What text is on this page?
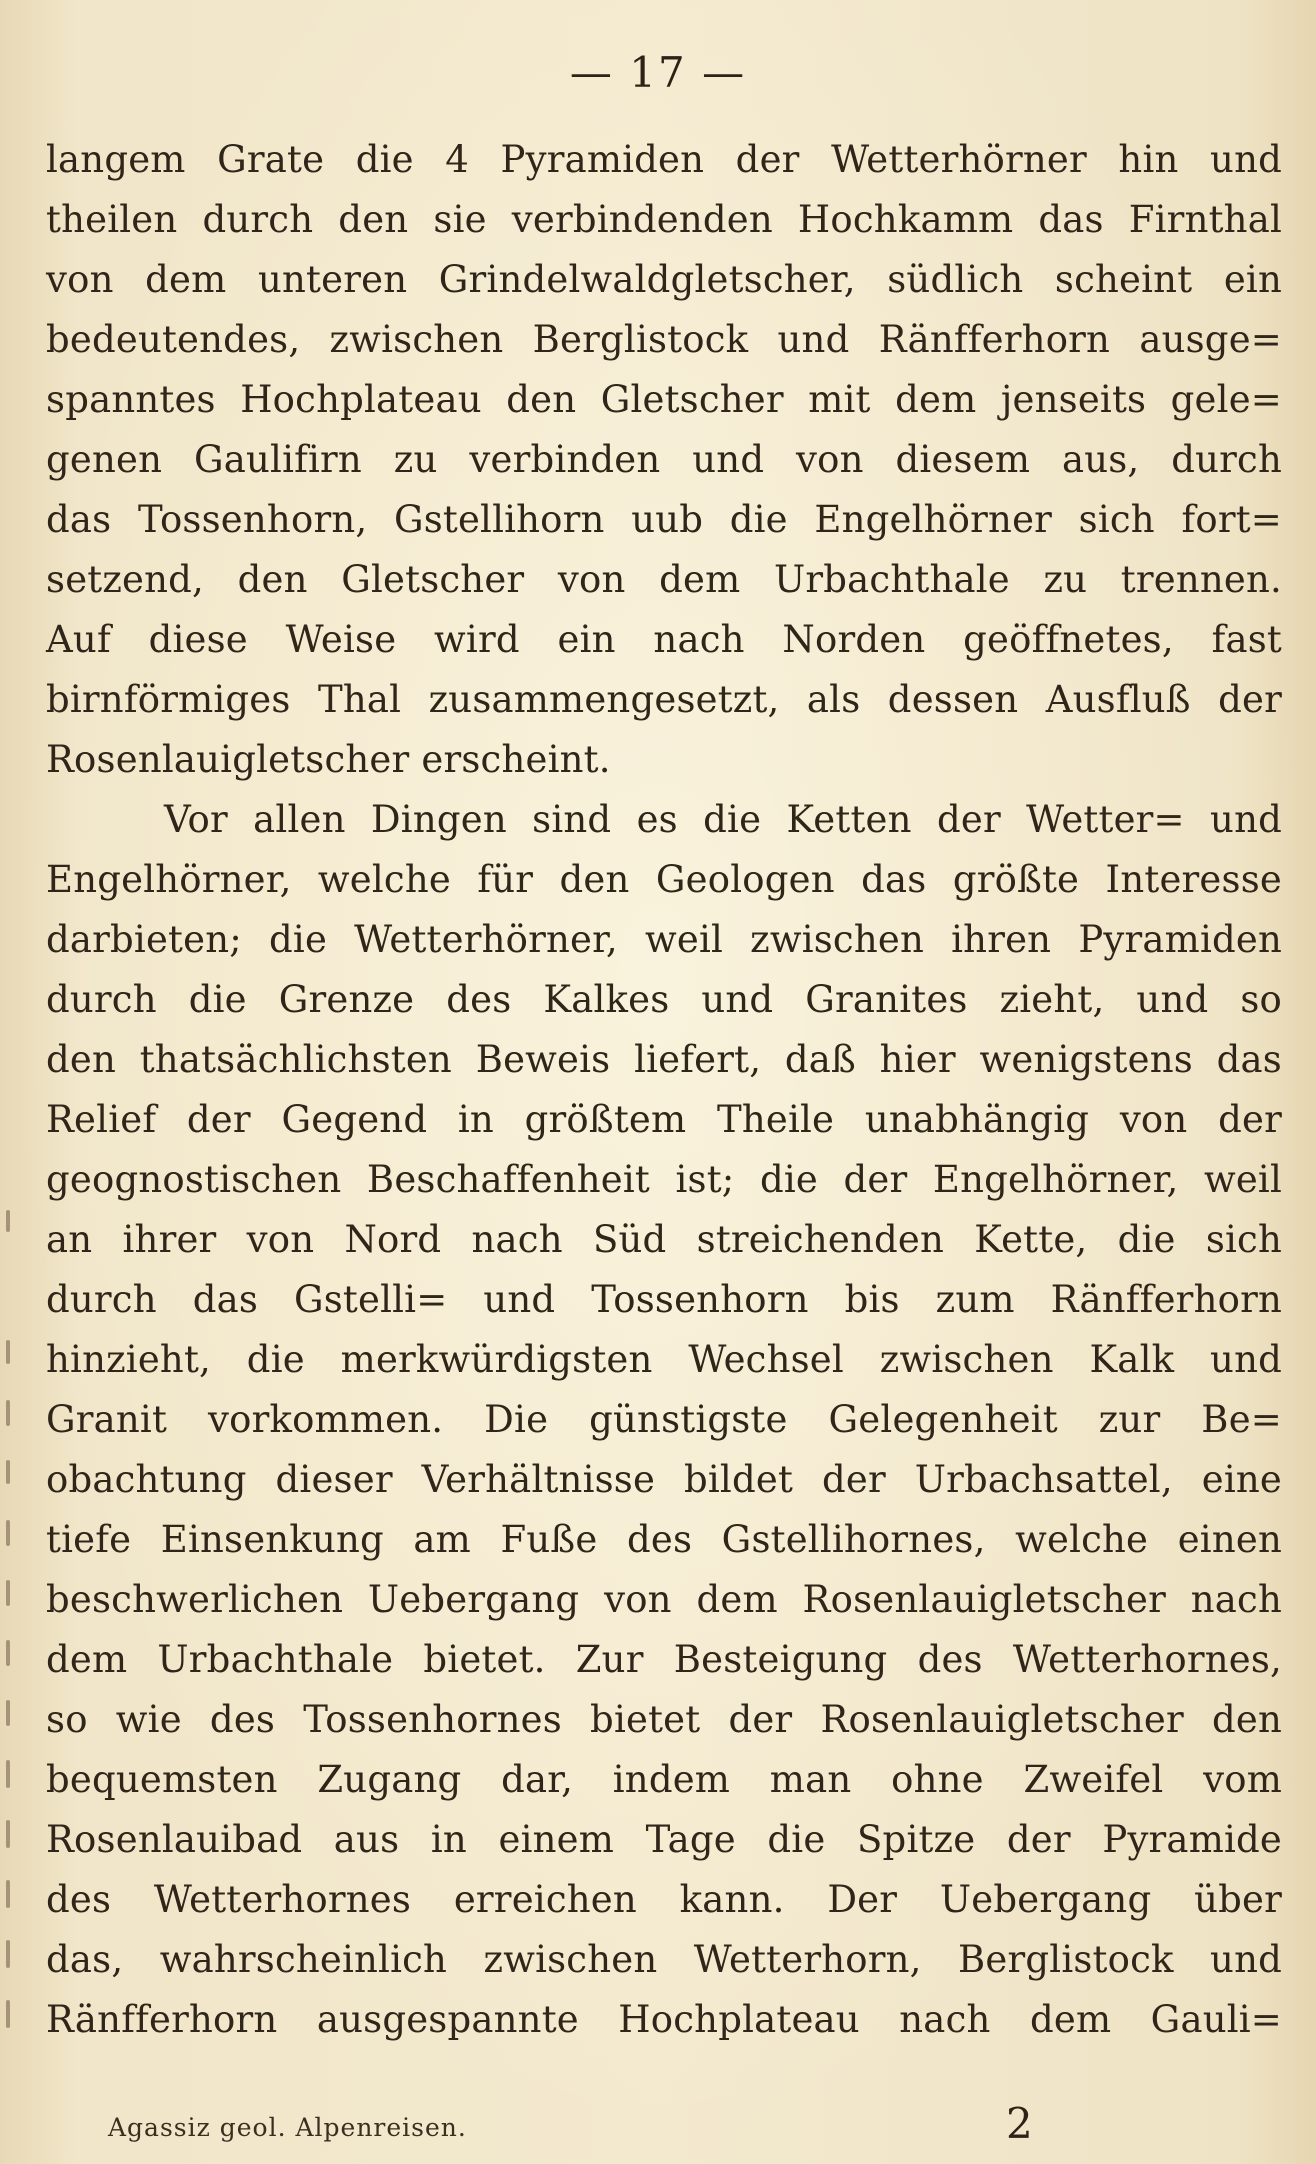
— 17 —
langem Grate die 4 Pyramiden der Wetterhörner hin und
theilen durch den sie verbindenden Hochkamm das Firnthal
von dem unteren Grindelwaldgletscher, südlich scheint ein
bedeutendes, zwischen Berglistock und Ränfferhorn ausge=
spanntes Hochplateau den Gletscher mit dem jenseits gele=
genen Gaulifirn zu verbinden und von diesem aus, durch
das Tossenhorn, Gstellihorn uub die Engelhörner sich fort=
setzend, den Gletscher von dem Urbachthale zu trennen.
Auf diese Weise wird ein nach Norden geöffnetes, fast
birnförmiges Thal zusammengesetzt, als dessen Ausfluß der
Rosenlauigletscher erscheint.
Vor allen Dingen sind es die Ketten der Wetter= und
Engelhörner, welche für den Geologen das größte Interesse
darbieten; die Wetterhörner, weil zwischen ihren Pyramiden
durch die Grenze des Kalkes und Granites zieht, und so
den thatsächlichsten Beweis liefert, daß hier wenigstens das
Relief der Gegend in größtem Theile unabhängig von der
geognostischen Beschaffenheit ist; die der Engelhörner, weil
an ihrer von Nord nach Süd streichenden Kette, die sich
durch das Gstelli= und Tossenhorn bis zum Ränfferhorn
hinzieht, die merkwürdigsten Wechsel zwischen Kalk und
Granit vorkommen. Die günstigste Gelegenheit zur Be=
obachtung dieser Verhältnisse bildet der Urbachsattel, eine
tiefe Einsenkung am Fuße des Gstellihornes, welche einen
beschwerlichen Uebergang von dem Rosenlauigletscher nach
dem Urbachthale bietet. Zur Besteigung des Wetterhornes,
so wie des Tossenhornes bietet der Rosenlauigletscher den
bequemsten Zugang dar, indem man ohne Zweifel vom
Rosenlauibad aus in einem Tage die Spitze der Pyramide
des Wetterhornes erreichen kann. Der Uebergang über
das, wahrscheinlich zwischen Wetterhorn, Berglistock und
Ränfferhorn ausgespannte Hochplateau nach dem Gauli=
Agassiz geol. Alpenreisen.	2
